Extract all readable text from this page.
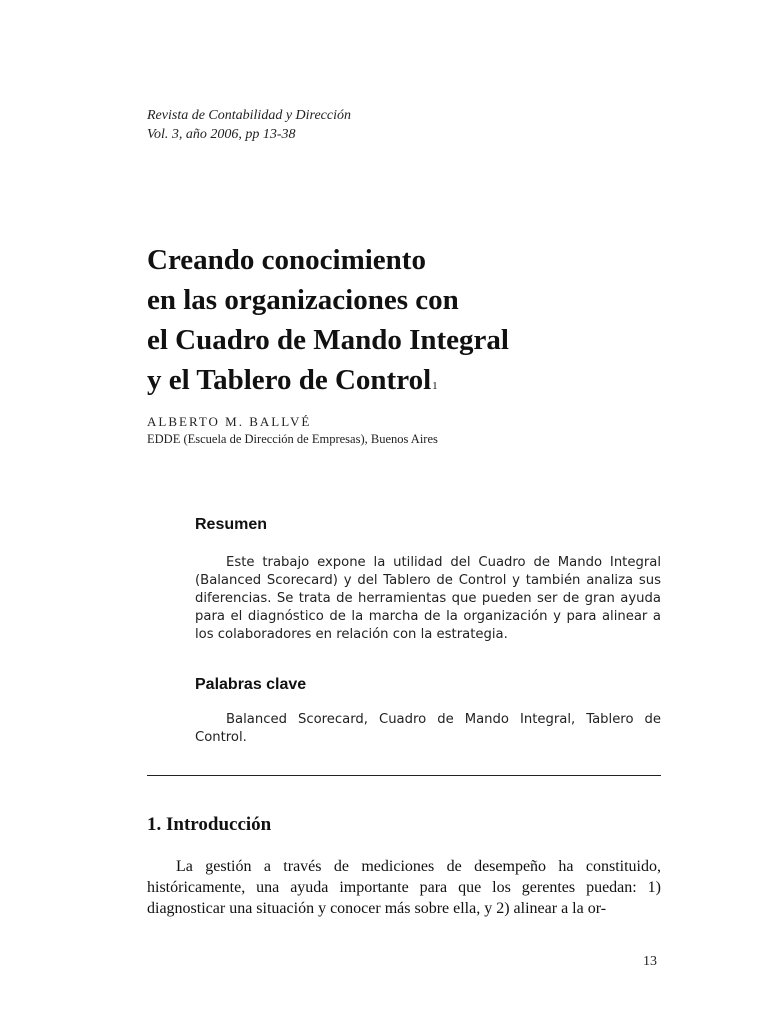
Revista de Contabilidad y Dirección
Vol. 3, año 2006, pp 13-38
Creando conocimiento
en las organizaciones con
el Cuadro de Mando Integral
y el Tablero de Control$^1$
ALBERTO M. BALLVÉ
EDDE (Escuela de Dirección de Empresas), Buenos Aires
Resumen

Este trabajo expone la utilidad del Cuadro de Mando Integral (Balanced Scorecard) y del Tablero de Control y también analiza sus diferencias. Se trata de herramientas que pueden ser de gran ayuda para el diagnóstico de la marcha de la organización y para alinear a los colaboradores en relación con la estrategia.

Palabras clave

Balanced Scorecard, Cuadro de Mando Integral, Tablero de Control.

1. Introducción

La gestión a través de mediciones de desempeño ha constituido, históricamente, una ayuda importante para que los gerentes puedan: 1) diagnosticar una situación y conocer más sobre ella, y 2) alinear a la or-

13
